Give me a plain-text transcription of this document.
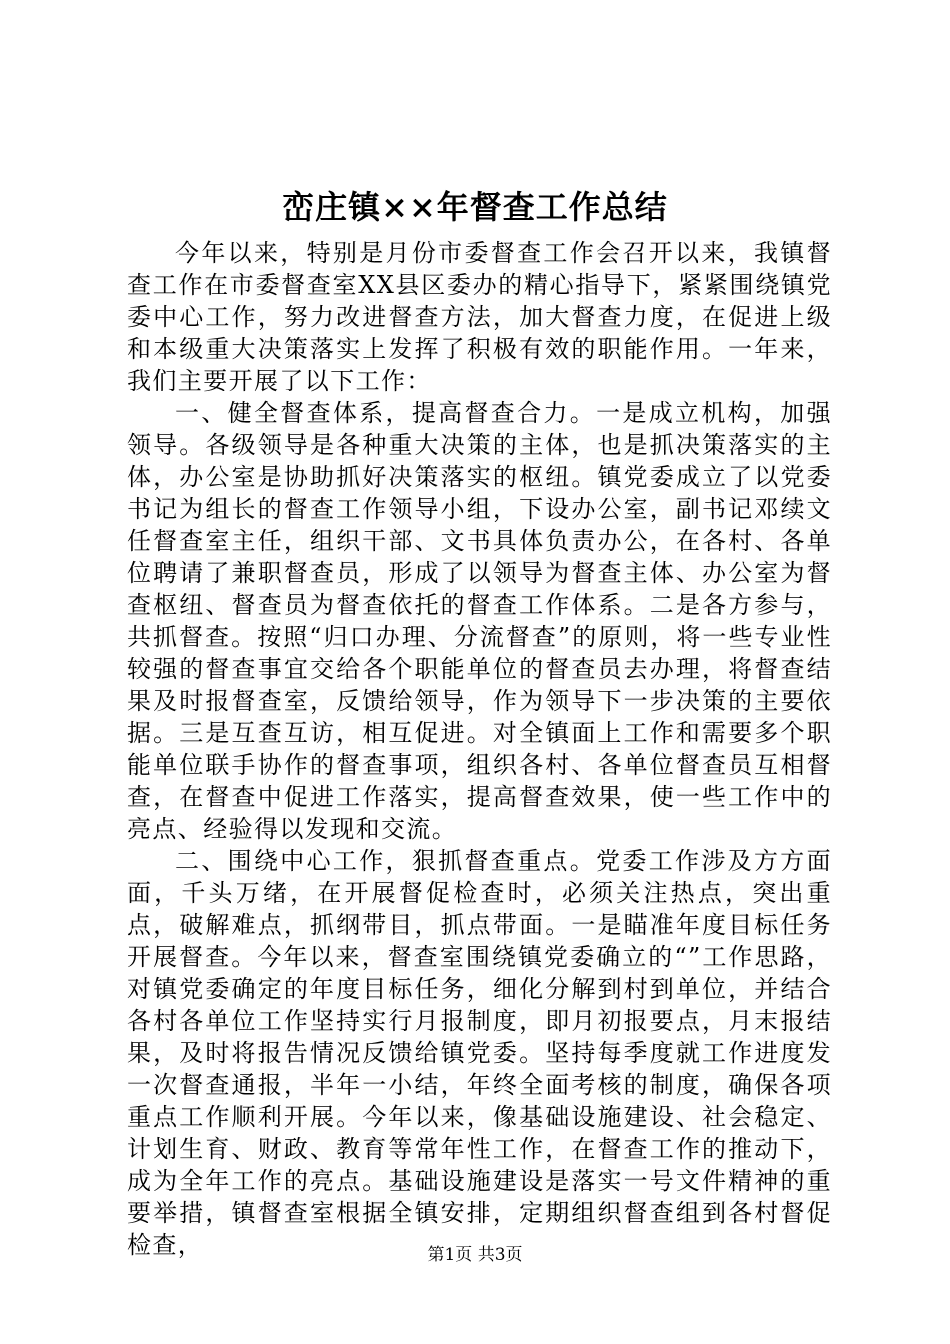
峦庄镇××年督查工作总结

今年以来，特别是月份市委督查工作会召开以来，我镇督查工作在市委督查室XX县区委办的精心指导下，紧紧围绕镇党委中心工作，努力改进督查方法，加大督查力度，在促进上级和本级重大决策落实上发挥了积极有效的职能作用。一年来，我们主要开展了以下工作：

一、健全督查体系，提高督查合力。一是成立机构，加强领导。各级领导是各种重大决策的主体，也是抓决策落实的主体，办公室是协助抓好决策落实的枢纽。镇党委成立了以党委书记为组长的督查工作领导小组，下设办公室，副书记邓续文任督查室主任，组织干部、文书具体负责办公，在各村、各单位聘请了兼职督查员，形成了以领导为督查主体、办公室为督查枢纽、督查员为督查依托的督查工作体系。二是各方参与，共抓督查。按照“归口办理、分流督查”的原则，将一些专业性较强的督查事宜交给各个职能单位的督查员去办理，将督查结果及时报督查室，反馈给领导，作为领导下一步决策的主要依据。三是互查互访，相互促进。对全镇面上工作和需要多个职能单位联手协作的督查事项，组织各村、各单位督查员互相督查，在督查中促进工作落实，提高督查效果，使一些工作中的亮点、经验得以发现和交流。

二、围绕中心工作，狠抓督查重点。党委工作涉及方方面面，千头万绪，在开展督促检查时，必须关注热点，突出重点，破解难点，抓纲带目，抓点带面。一是瞄准年度目标任务开展督查。今年以来，督查室围绕镇党委确立的“”工作思路，对镇党委确定的年度目标任务，细化分解到村到单位，并结合各村各单位工作坚持实行月报制度，即月初报要点，月末报结果，及时将报告情况反馈给镇党委。坚持每季度就工作进度发一次督查通报，半年一小结，年终全面考核的制度，确保各项重点工作顺利开展。今年以来，像基础设施建设、社会稳定、计划生育、财政、教育等常年性工作，在督查工作的推动下，成为全年工作的亮点。基础设施建设是落实一号文件精神的重要举措，镇督查室根据全镇安排，定期组织督查组到各村督促检查，	第1页 共3页
